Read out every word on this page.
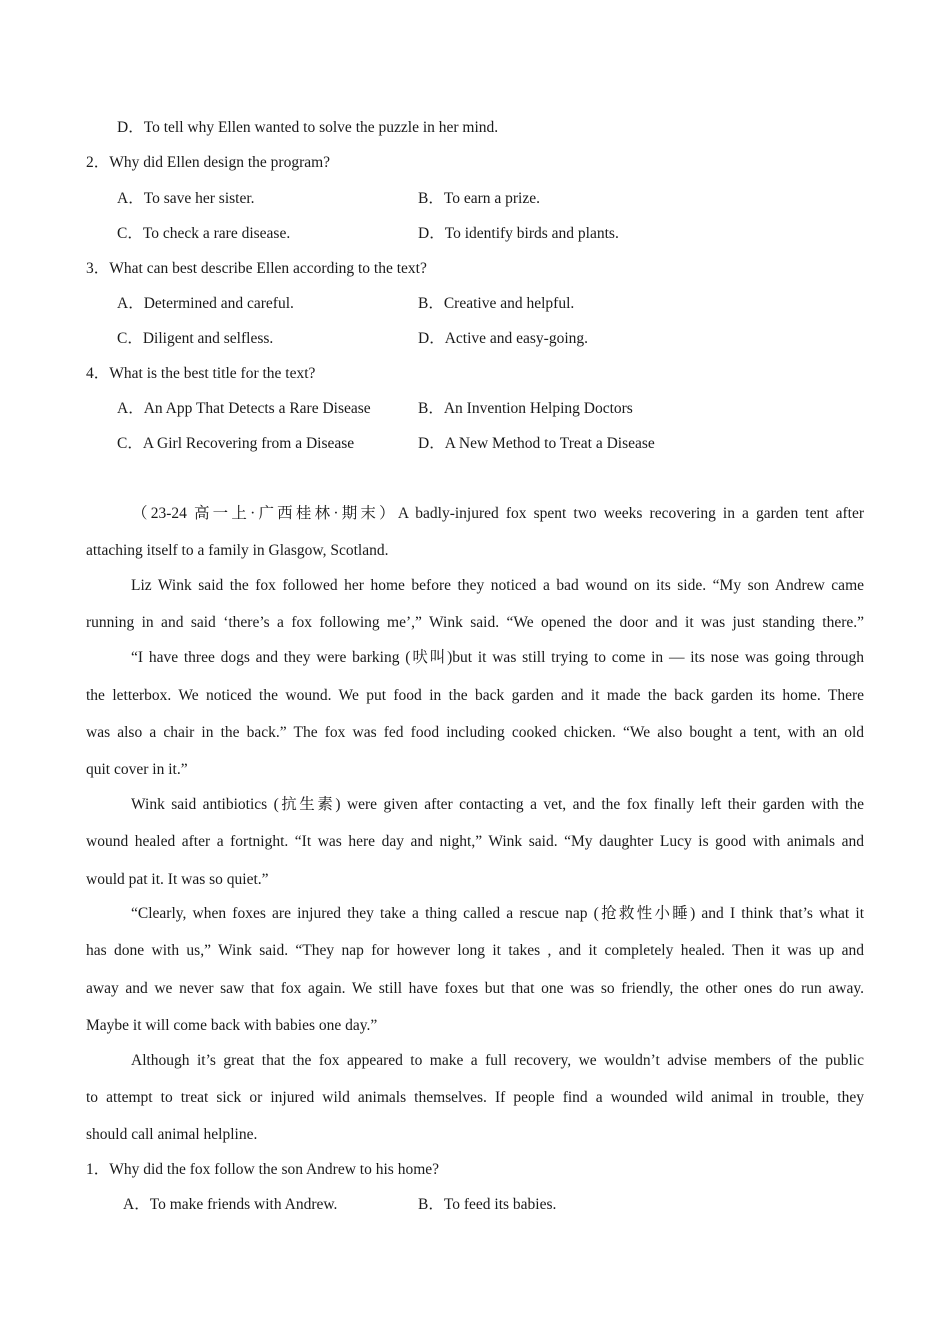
D．To tell why Ellen wanted to solve the puzzle in her mind.
2．Why did Ellen design the program?
A．To save her sister.	B．To earn a prize.
C．To check a rare disease.	D．To identify birds and plants.
3．What can best describe Ellen according to the text?
A．Determined and careful.	B．Creative and helpful.
C．Diligent and selfless.	D．Active and easy-going.
4．What is the best title for the text?
A．An App That Detects a Rare Disease	B．An Invention Helping Doctors
C．A Girl Recovering from a Disease	D．A New Method to Treat a Disease
（23-24 高一上·广西桂林·期末）A badly-injured fox spent two weeks recovering in a garden tent after
attaching itself to a family in Glasgow, Scotland.
Liz Wink said the fox followed her home before they noticed a bad wound on its side. “My son Andrew came
running in and said ‘there’s a fox following me’,” Wink said. “We opened the door and it was just standing there.”
“I have three dogs and they were barking (吠叫)but it was still trying to come in — its nose was going through
the letterbox. We noticed the wound. We put food in the back garden and it made the back garden its home. There
was also a chair in the back.” The fox was fed food including cooked chicken. “We also bought a tent, with an old
quit cover in it.”
Wink said antibiotics (抗生素) were given after contacting a vet, and the fox finally left their garden with the
wound healed after a fortnight. “It was here day and night,” Wink said. “My daughter Lucy is good with animals and
would pat it. It was so quiet.”
“Clearly, when foxes are injured they take a thing called a rescue nap (抢救性小睡) and I think that’s what it
has done with us,” Wink said. “They nap for however long it takes , and it completely healed. Then it was up and
away and we never saw that fox again. We still have foxes but that one was so friendly, the other ones do run away.
Maybe it will come back with babies one day.”
Although it’s great that the fox appeared to make a full recovery, we wouldn’t advise members of the public
to attempt to treat sick or injured wild animals themselves. If people find a wounded wild animal in trouble, they
should call animal helpline.
1．Why did the fox follow the son Andrew to his home?
A．To make friends with Andrew.	B．To feed its babies.
